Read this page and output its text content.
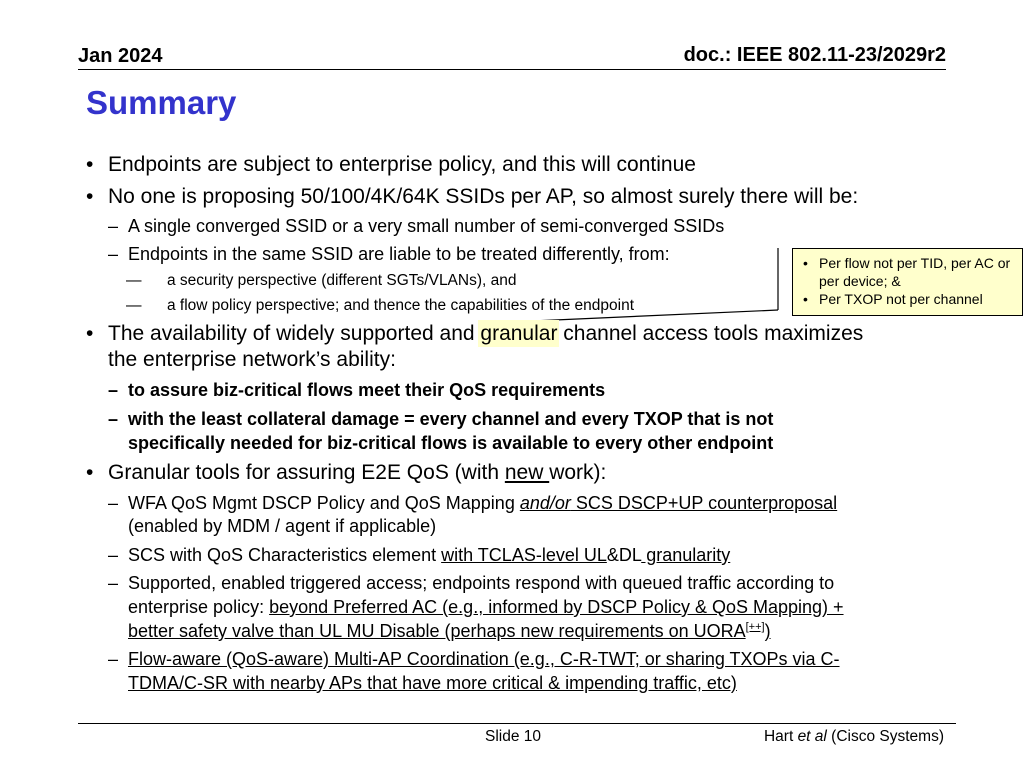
Jan 2024	doc.: IEEE 802.11-23/2029r2
Summary
• Endpoints are subject to enterprise policy, and this will continue
• No one is proposing 50/100/4K/64K SSIDs per AP, so almost surely there will be:
– A single converged SSID or a very small number of semi-converged SSIDs
– Endpoints in the same SSID are liable to be treated differently, from:
— a security perspective (different SGTs/VLANs), and
— a flow policy perspective; and thence the capabilities of the endpoint
• Per flow not per TID, per AC or per device; &
• Per TXOP not per channel
• The availability of widely supported and granular channel access tools maximizes
the enterprise network’s ability:
– to assure biz-critical flows meet their QoS requirements
– with the least collateral damage = every channel and every TXOP that is not
specifically needed for biz-critical flows is available to every other endpoint
• Granular tools for assuring E2E QoS (with new work):
– WFA QoS Mgmt DSCP Policy and QoS Mapping and/or SCS DSCP+UP counterproposal
(enabled by MDM / agent if applicable)
– SCS with QoS Characteristics element with TCLAS-level UL&DL granularity
– Supported, enabled triggered access; endpoints respond with queued traffic according to
enterprise policy: beyond Preferred AC (e.g., informed by DSCP Policy & QoS Mapping) +
better safety valve than UL MU Disable (perhaps new requirements on UORA[++])
– Flow-aware (QoS-aware) Multi-AP Coordination (e.g., C-R-TWT; or sharing TXOPs via C-
TDMA/C-SR with nearby APs that have more critical & impending traffic, etc)
Slide 10	Hart et al (Cisco Systems)
